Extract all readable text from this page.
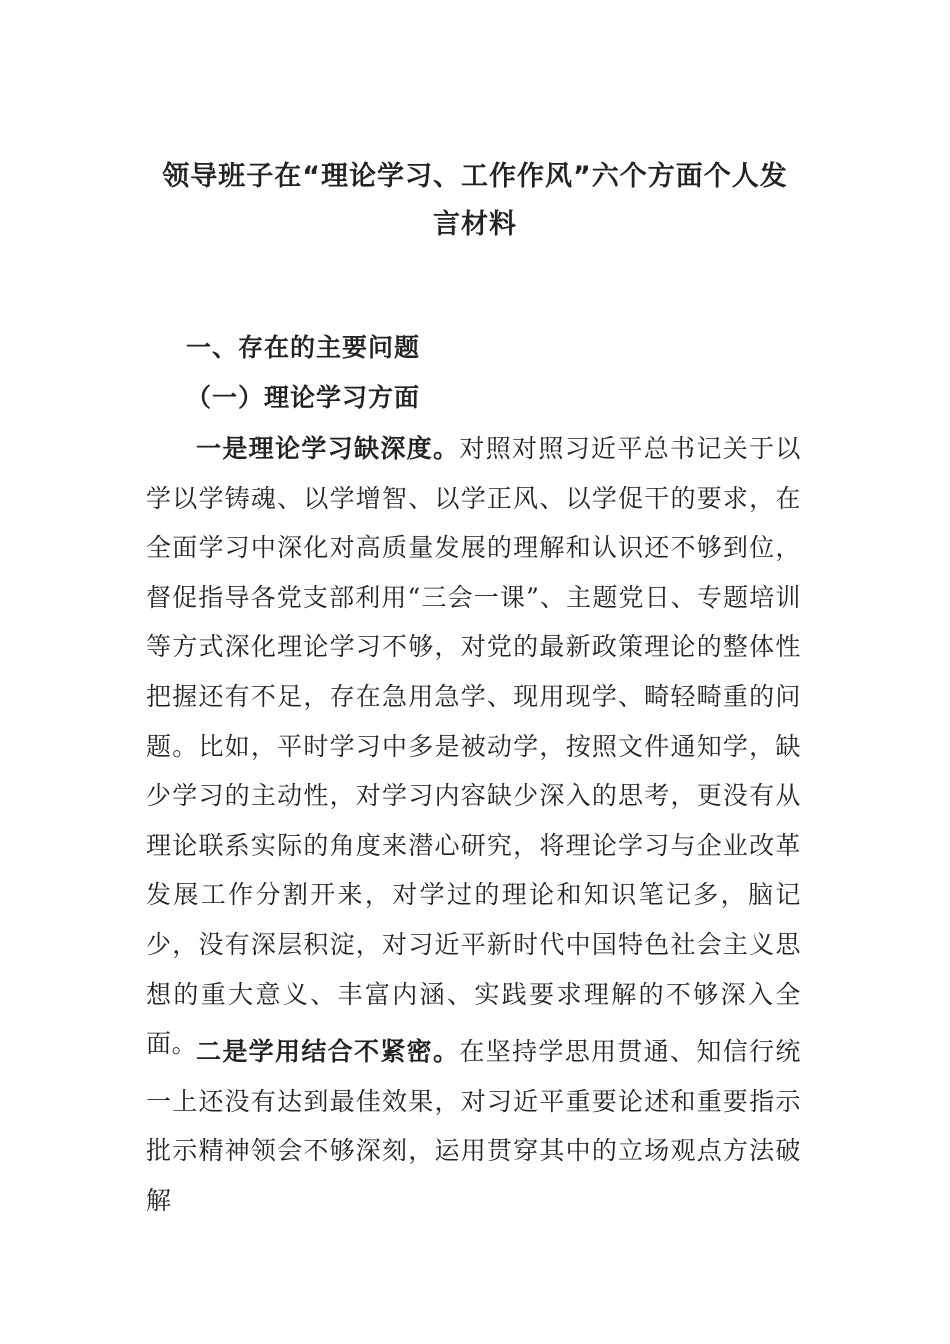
领导班子在“理论学习、工作作风”六个方面个人发言材料
一、存在的主要问题
（一）理论学习方面

一是理论学习缺深度。对照对照习近平总书记关于以学以学铸魂、以学增智、以学正风、以学促干的要求，在全面学习中深化对高质量发展的理解和认识还不够到位，督促指导各党支部利用“三会一课”、主题党日、专题培训等方式深化理论学习不够，对党的最新政策理论的整体性把握还有不足，存在急用急学、现用现学、畸轻畸重的问题。比如，平时学习中多是被动学，按照文件通知学，缺少学习的主动性，对学习内容缺少深入的思考，更没有从理论联系实际的角度来潜心研究，将理论学习与企业改革发展工作分割开来，对学过的理论和知识笔记多，脑记少，没有深层积淀，对习近平新时代中国特色社会主义思想的重大意义、丰富内涵、实践要求理解的不够深入全面。

二是学用结合不紧密。在坚持学思用贯通、知信行统一上还没有达到最佳效果，对习近平重要论述和重要指示批示精神领会不够深刻，运用贯穿其中的立场观点方法破解
